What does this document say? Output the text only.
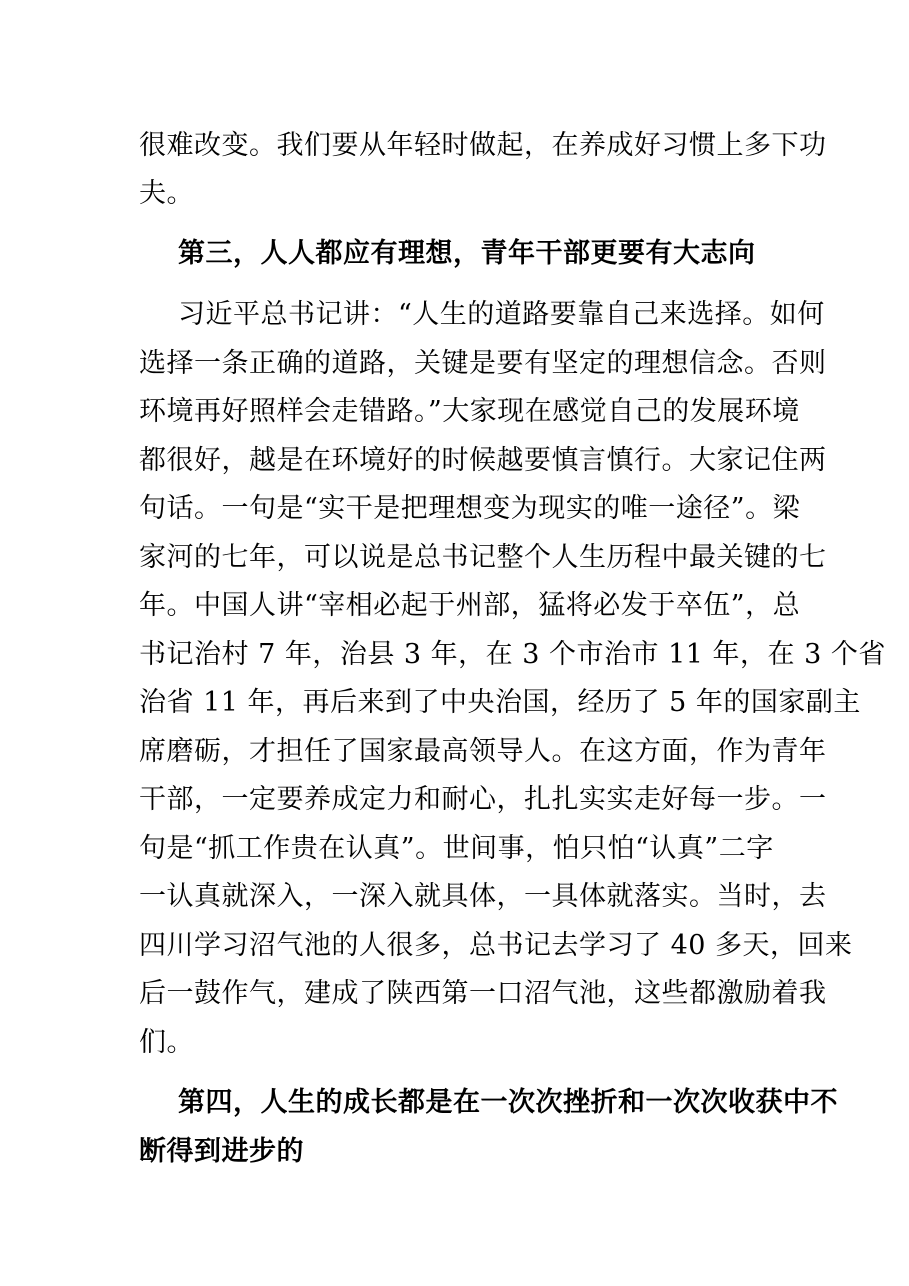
很难改变。我们要从年轻时做起，在养成好习惯上多下功
夫。
第三，人人都应有理想，青年干部更要有大志向
习近平总书记讲：“人生的道路要靠自己来选择。如何
选择一条正确的道路，关键是要有坚定的理想信念。否则
环境再好照样会走错路。”大家现在感觉自己的发展环境
都很好，越是在环境好的时候越要慎言慎行。大家记住两
句话。一句是“实干是把理想变为现实的唯一途径”。梁
家河的七年，可以说是总书记整个人生历程中最关键的七
年。中国人讲“宰相必起于州部，猛将必发于卒伍”，总
书记治村 7 年，治县 3 年，在 3 个市治市 11 年，在 3 个省
治省 11 年，再后来到了中央治国，经历了 5 年的国家副主
席磨砺，才担任了国家最高领导人。在这方面，作为青年
干部，一定要养成定力和耐心，扎扎实实走好每一步。一
句是“抓工作贵在认真”。世间事，怕只怕“认真”二字
一认真就深入，一深入就具体，一具体就落实。当时，去
四川学习沼气池的人很多，总书记去学习了 40 多天，回来
后一鼓作气，建成了陕西第一口沼气池，这些都激励着我
们。
第四，人生的成长都是在一次次挫折和一次次收获中不
断得到进步的
